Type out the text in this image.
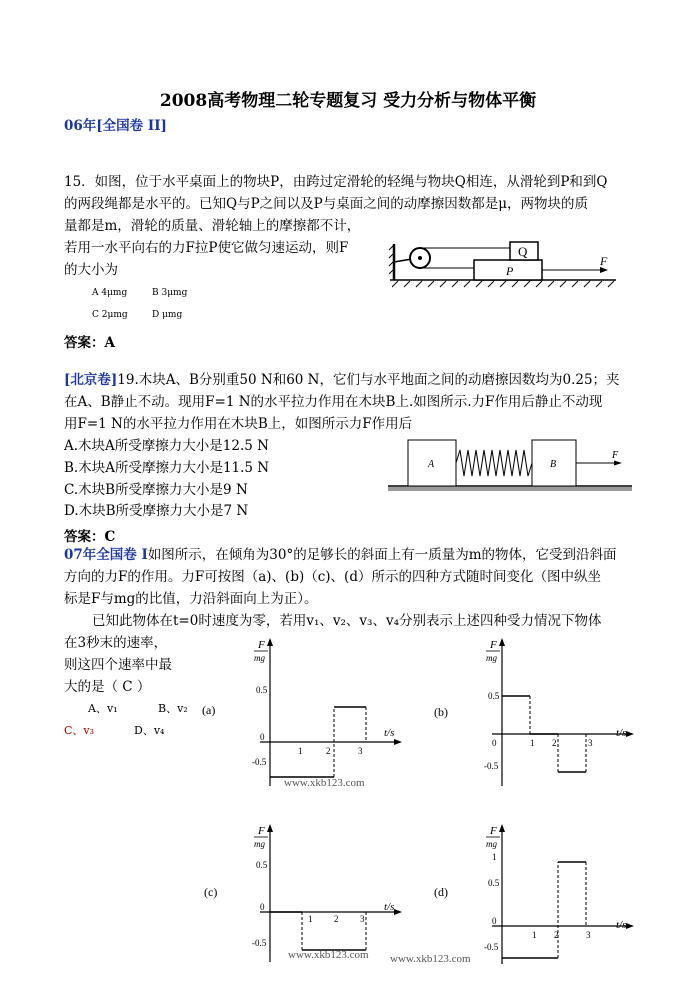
2008高考物理二轮专题复习 受力分析与物体平衡
06年[全国卷 II]
15．如图，位于水平桌面上的物块P，由跨过定滑轮的轻绳与物块Q相连，从滑轮到P和到Q
的两段绳都是水平的。已知Q与P之间以及P与桌面之间的动摩擦因数都是μ，两物块的质
量都是m，滑轮的质量、滑轮轴上的摩擦都不计，
若用一水平向右的力F拉P使它做匀速运动，则F
的大小为
A 4μmg	B 3μmg
C 2μmg	D μmg
答案：A
Q
P
F
[北京卷]19.木块A、B分别重50 N和60 N，它们与水平地面之间的动磨擦因数均为0.25；夹
在A、B静止不动。现用F=1 N的水平拉力作用在木块B上.如图所示.力F作用后静止不动现
用F=1 N的水平拉力作用在木块B上，如图所示力F作用后
A.木块A所受摩擦力大小是12.5 N
B.木块A所受摩擦力大小是11.5 N
C.木块B所受摩擦力大小是9 N
D.木块B所受摩擦力大小是7 N
答案：C
A	B
F
07年全国卷 I如图所示，在倾角为30°的足够长的斜面上有一质量为m的物体，它受到沿斜面
方向的力F的作用。力F可按图（a)、(b)（c)、(d）所示的四种方式随时间变化（图中纵坐
标是F与mg的比值，力沿斜面向上为正）。
已知此物体在t=0时速度为零，若用v₁、v₂、v₃、v₄分别表示上述四种受力情况下物体
在3秒末的速率，
则这四个速率中最
大的是（ C ）
A、v₁	B、v₂
C、v₃	D、v₄
F
mg
t/s
(a)
0.5
0
-0.5
1	2	3
www.xkb123.com
F
mg
t/s
(b)
0.5
0
-0.5
1 2	3
F
mg
t/s
(c)
0.5
0
-0.5
1 2 3
www.xkb123.com
F
mg
t/s
(d)
1
0.5
0
-0.5
1 2	3
www.xkb123.com
